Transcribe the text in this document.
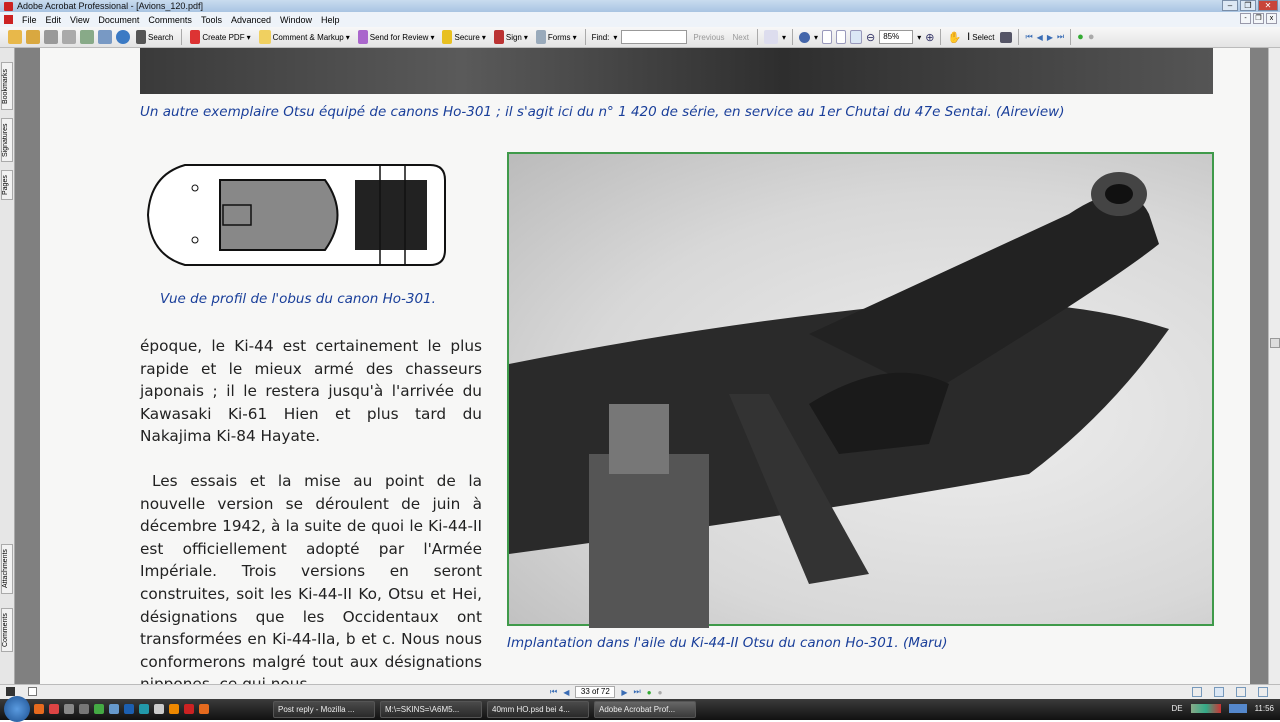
Adobe Acrobat Professional - [Avions_120.pdf]	–	❐	✕
File Edit View Document Comments Tools Advanced Window Help	-	❐	x
Search	Create PDF ▾	Comment & Markup ▾	Send for Review ▾	Secure ▾	Sign ▾	Forms ▾ Find: ▾	Previous Next	▾	▾	⊖	85%	▾ ⊕ ✋ I Select	⏮ ◀ ▶ ⏭ ● ●
Bookmarks
Signatures
Pages
Attachments
Comments
Un autre exemplaire Otsu équipé de canons Ho-301 ; il s'agit ici du n° 1 420 de série, en service au 1er Chutai du 47e Sentai. (Aireview)
Vue de profil de l'obus du canon Ho-301.

époque, le Ki-44 est certainement le plus rapide et le mieux armé des chasseurs japonais ; il le restera jusqu'à l'arrivée du Kawasaki Ki-61 Hien et plus tard du Nakajima Ki-84 Hayate.

Les essais et la mise au point de la nouvelle version se déroulent de juin à décembre 1942, à la suite de quoi le Ki-44-II est officiellement adopté par l'Armée Impériale. Trois versions en seront construites, soit les Ki-44-II Ko, Otsu et Hei, désignations que les Occidentaux ont transformées en Ki-44-IIa, b et c. Nous nous conformerons malgré tout aux désignations

Implantation dans l'aile du Ki-44-II Otsu du canon Ho-301. (Maru)
⏮ ◀	33 of 72	▶ ⏭ ● ●
Post reply - Mozilla ...	M:\=SKINS=\A6M5...	40mm HO.psd bei 4...	Adobe Acrobat Prof...	DE	11:56
